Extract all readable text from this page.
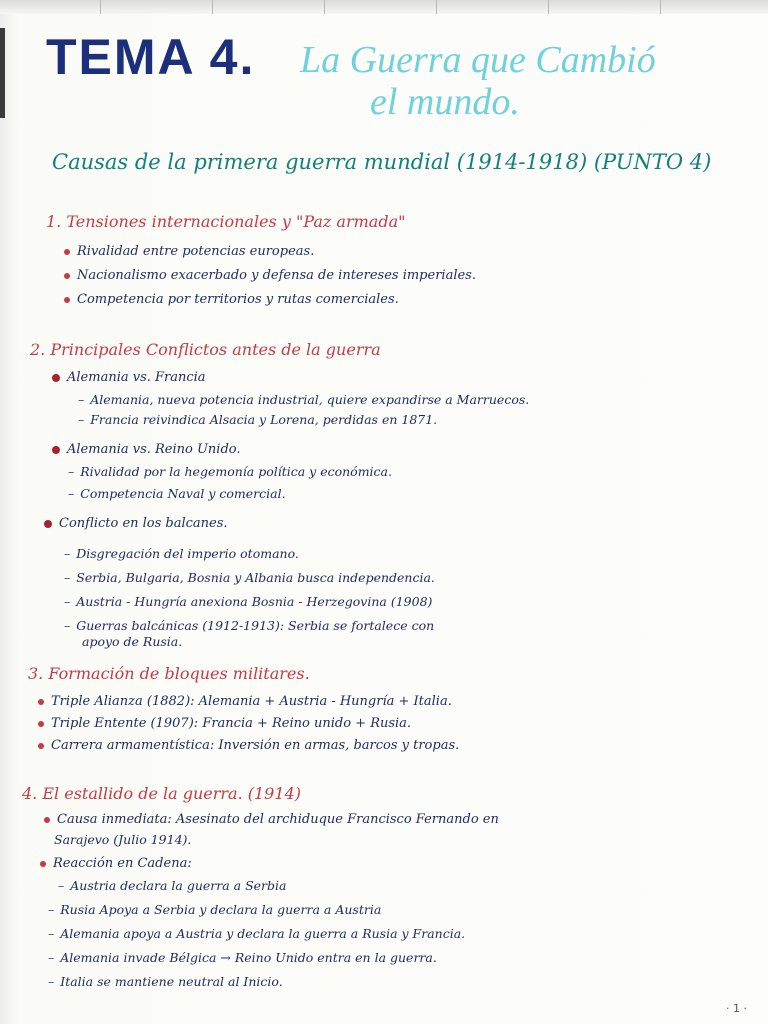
TEMA 4. La Guerra que Cambió
el mundo.
Causas de la primera guerra mundial (1914-1918) (PUNTO 4)
1. Tensiones internacionales y "Paz armada"
Rivalidad entre potencias europeas.
Nacionalismo exacerbado y defensa de intereses imperiales.
Competencia por territorios y rutas comerciales.
2. Principales Conflictos antes de la guerra
Alemania vs. Francia
– Alemania, nueva potencia industrial, quiere expandirse a Marruecos.
– Francia reivindica Alsacia y Lorena, perdidas en 1871.
Alemania vs. Reino Unido.
– Rivalidad por la hegemonía política y económica.
– Competencia Naval y comercial.
Conflicto en los balcanes.
– Disgregación del imperio otomano.
– Serbia, Bulgaria, Bosnia y Albania busca independencia.
– Austria - Hungría anexiona Bosnia - Herzegovina (1908)
– Guerras balcánicas (1912-1913): Serbia se fortalece con
apoyo de Rusia.
3. Formación de bloques militares.
Triple Alianza (1882): Alemania + Austria - Hungría + Italia.
Triple Entente (1907): Francia + Reino unido + Rusia.
Carrera armamentística: Inversión en armas, barcos y tropas.
4. El estallido de la guerra. (1914)
Causa inmediata: Asesinato del archiduque Francisco Fernando en
Sarajevo (Julio 1914).
Reacción en Cadena:
– Austria declara la guerra a Serbia
– Rusia Apoya a Serbia y declara la guerra a Austria
– Alemania apoya a Austria y declara la guerra a Rusia y Francia.
– Alemania invade Bélgica → Reino Unido entra en la guerra.
– Italia se mantiene neutral al Inicio.
· 1 ·
